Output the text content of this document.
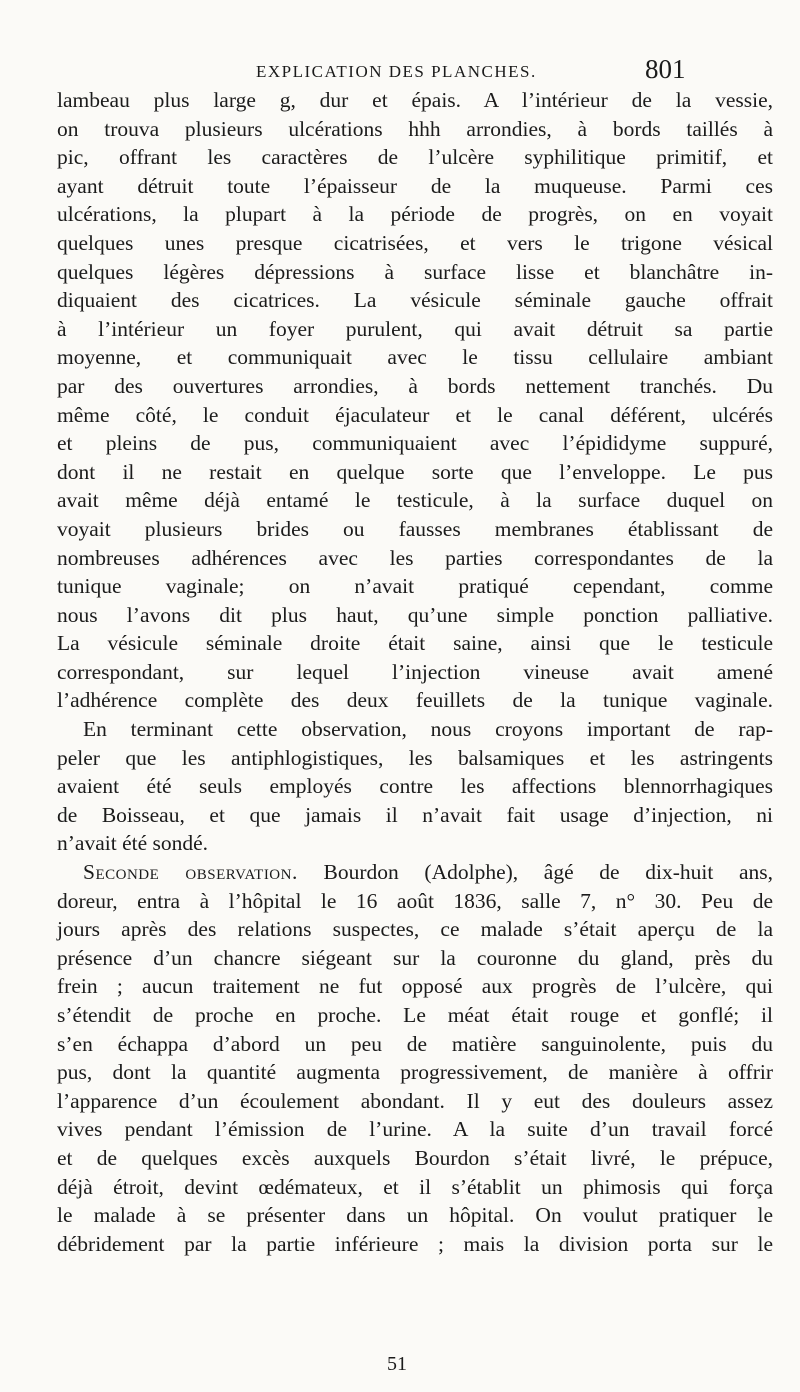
EXPLICATION DES PLANCHES.	801
lambeau plus large g, dur et épais. A l’intérieur de la vessie,
on trouva plusieurs ulcérations hhh arrondies, à bords taillés à
pic, offrant les caractères de l’ulcère syphilitique primitif, et
ayant détruit toute l’épaisseur de la muqueuse. Parmi ces
ulcérations, la plupart à la période de progrès, on en voyait
quelques unes presque cicatrisées, et vers le trigone vésical
quelques légères dépressions à surface lisse et blanchâtre in-
diquaient des cicatrices. La vésicule séminale gauche offrait
à l’intérieur un foyer purulent, qui avait détruit sa partie
moyenne, et communiquait avec le tissu cellulaire ambiant
par des ouvertures arrondies, à bords nettement tranchés. Du
même côté, le conduit éjaculateur et le canal déférent, ulcérés
et pleins de pus, communiquaient avec l’épididyme suppuré,
dont il ne restait en quelque sorte que l’enveloppe. Le pus
avait même déjà entamé le testicule, à la surface duquel on
voyait plusieurs brides ou fausses membranes établissant de
nombreuses adhérences avec les parties correspondantes de la
tunique vaginale; on n’avait pratiqué cependant, comme
nous l’avons dit plus haut, qu’une simple ponction palliative.
La vésicule séminale droite était saine, ainsi que le testicule
correspondant, sur lequel l’injection vineuse avait amené
l’adhérence complète des deux feuillets de la tunique vaginale.
En terminant cette observation, nous croyons important de rap-
peler que les antiphlogistiques, les balsamiques et les astringents
avaient été seuls employés contre les affections blennorrhagiques
de Boisseau, et que jamais il n’avait fait usage d’injection, ni
n’avait été sondé.
Seconde observation. Bourdon (Adolphe), âgé de dix-huit ans,
doreur, entra à l’hôpital le 16 août 1836, salle 7, n° 30. Peu de
jours après des relations suspectes, ce malade s’était aperçu de la
présence d’un chancre siégeant sur la couronne du gland, près du
frein ; aucun traitement ne fut opposé aux progrès de l’ulcère, qui
s’étendit de proche en proche. Le méat était rouge et gonflé; il
s’en échappa d’abord un peu de matière sanguinolente, puis du
pus, dont la quantité augmenta progressivement, de manière à offrir
l’apparence d’un écoulement abondant. Il y eut des douleurs assez
vives pendant l’émission de l’urine. A la suite d’un travail forcé
et de quelques excès auxquels Bourdon s’était livré, le prépuce,
déjà étroit, devint œdémateux, et il s’établit un phimosis qui força
le malade à se présenter dans un hôpital. On voulut pratiquer le
débridement par la partie inférieure ; mais la division porta sur le
51
